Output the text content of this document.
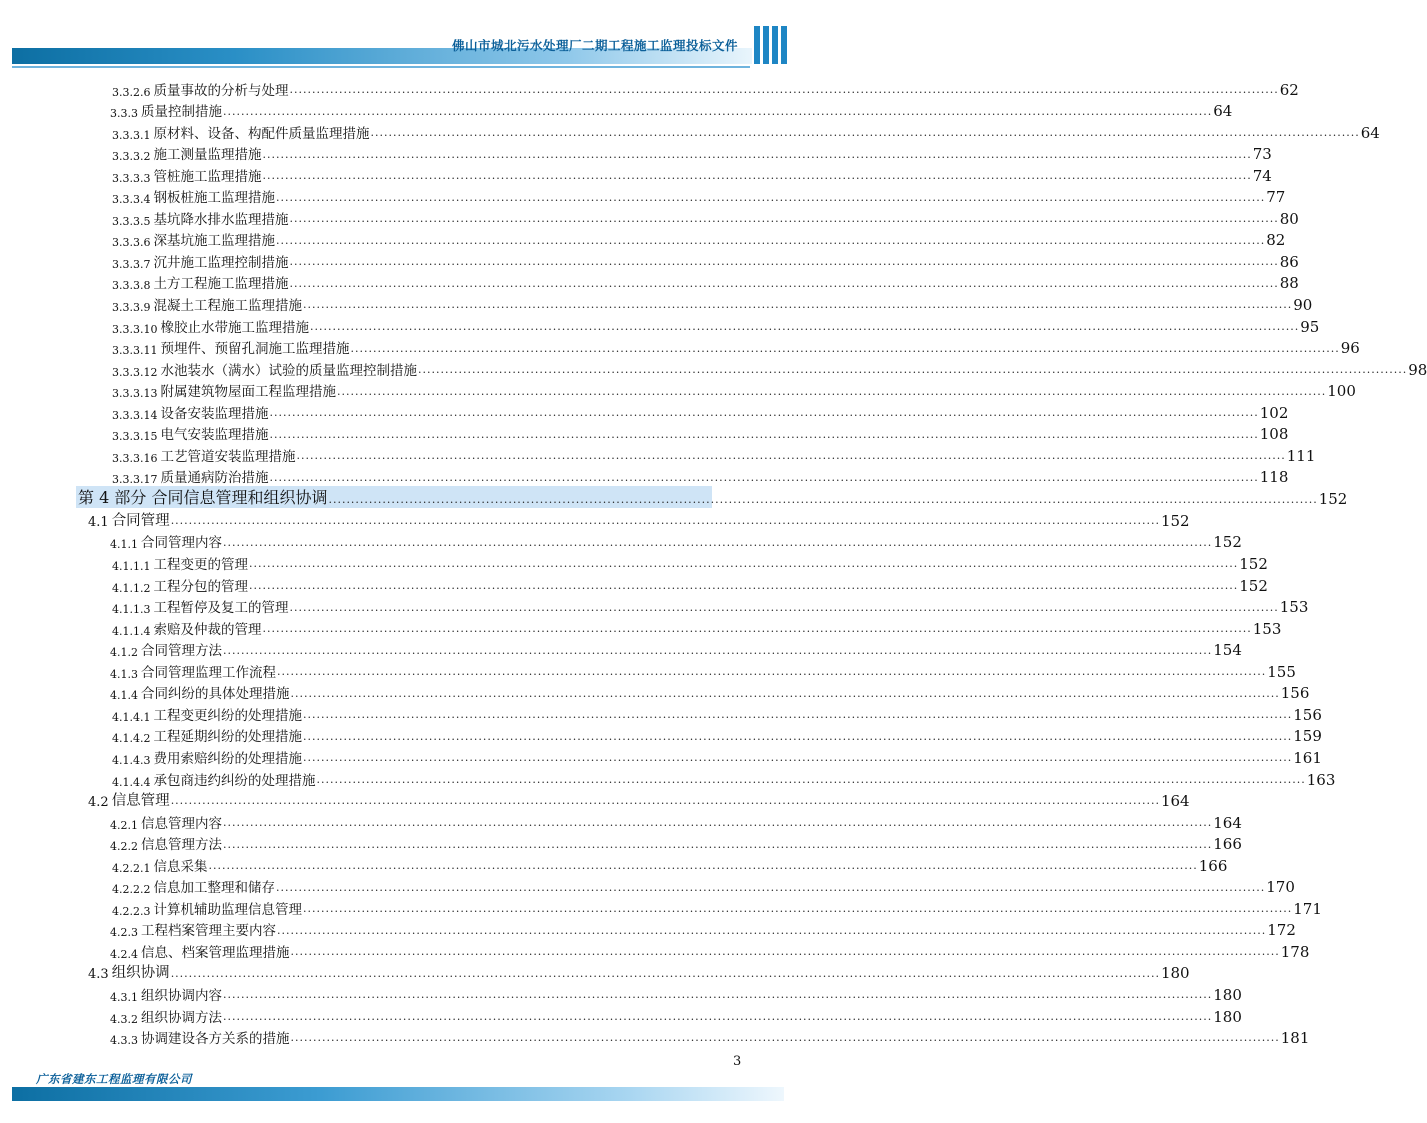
佛山市城北污水处理厂二期工程施工监理投标文件
3.3.2.6 质量事故的分析与处理 ............................................................................................................................................................................................................................ 62
3.3.3 质量控制措施 ............................................................................................................................................................................................................................ 64
3.3.3.1 原材料、设备、构配件质量监理措施 ............................................................................................................................................................................................................................ 64
3.3.3.2 施工测量监理措施 ............................................................................................................................................................................................................................ 73
3.3.3.3 管桩施工监理措施 ............................................................................................................................................................................................................................ 74
3.3.3.4 钢板桩施工监理措施 ............................................................................................................................................................................................................................ 77
3.3.3.5 基坑降水排水监理措施 ............................................................................................................................................................................................................................ 80
3.3.3.6 深基坑施工监理措施 ............................................................................................................................................................................................................................ 82
3.3.3.7 沉井施工监理控制措施 ............................................................................................................................................................................................................................ 86
3.3.3.8 土方工程施工监理措施 ............................................................................................................................................................................................................................ 88
3.3.3.9 混凝土工程施工监理措施 ............................................................................................................................................................................................................................ 90
3.3.3.10 橡胶止水带施工监理措施 ............................................................................................................................................................................................................................ 95
3.3.3.11 预埋件、预留孔洞施工监理措施 ............................................................................................................................................................................................................................ 96
3.3.3.12 水池装水（满水）试验的质量监理控制措施 ............................................................................................................................................................................................................................ 98
3.3.3.13 附属建筑物屋面工程监理措施 ............................................................................................................................................................................................................................ 100
3.3.3.14 设备安装监理措施 ............................................................................................................................................................................................................................ 102
3.3.3.15 电气安装监理措施 ............................................................................................................................................................................................................................ 108
3.3.3.16 工艺管道安装监理措施 ............................................................................................................................................................................................................................ 111
3.3.3.17 质量通病防治措施 ............................................................................................................................................................................................................................ 118
第 4 部分 合同信息管理和组织协调 ............................................................................................................................................................................................................................ 152
4.1 合同管理 ............................................................................................................................................................................................................................ 152
4.1.1 合同管理内容 ............................................................................................................................................................................................................................ 152
4.1.1.1 工程变更的管理 ............................................................................................................................................................................................................................ 152
4.1.1.2 工程分包的管理 ............................................................................................................................................................................................................................ 152
4.1.1.3 工程暂停及复工的管理 ............................................................................................................................................................................................................................ 153
4.1.1.4 索赔及仲裁的管理 ............................................................................................................................................................................................................................ 153
4.1.2 合同管理方法 ............................................................................................................................................................................................................................ 154
4.1.3 合同管理监理工作流程 ............................................................................................................................................................................................................................ 155
4.1.4 合同纠纷的具体处理措施 ............................................................................................................................................................................................................................ 156
4.1.4.1 工程变更纠纷的处理措施 ............................................................................................................................................................................................................................ 156
4.1.4.2 工程延期纠纷的处理措施 ............................................................................................................................................................................................................................ 159
4.1.4.3 费用索赔纠纷的处理措施 ............................................................................................................................................................................................................................ 161
4.1.4.4 承包商违约纠纷的处理措施 ............................................................................................................................................................................................................................ 163
4.2 信息管理 ............................................................................................................................................................................................................................ 164
4.2.1 信息管理内容 ............................................................................................................................................................................................................................ 164
4.2.2 信息管理方法 ............................................................................................................................................................................................................................ 166
4.2.2.1 信息采集 ............................................................................................................................................................................................................................ 166
4.2.2.2 信息加工整理和储存 ............................................................................................................................................................................................................................ 170
4.2.2.3 计算机辅助监理信息管理 ............................................................................................................................................................................................................................ 171
4.2.3 工程档案管理主要内容 ............................................................................................................................................................................................................................ 172
4.2.4 信息、档案管理监理措施 ............................................................................................................................................................................................................................ 178
4.3 组织协调 ............................................................................................................................................................................................................................ 180
4.3.1 组织协调内容 ............................................................................................................................................................................................................................ 180
4.3.2 组织协调方法 ............................................................................................................................................................................................................................ 180
4.3.3 协调建设各方关系的措施 ............................................................................................................................................................................................................................ 181
3
广东省建东工程监理有限公司
